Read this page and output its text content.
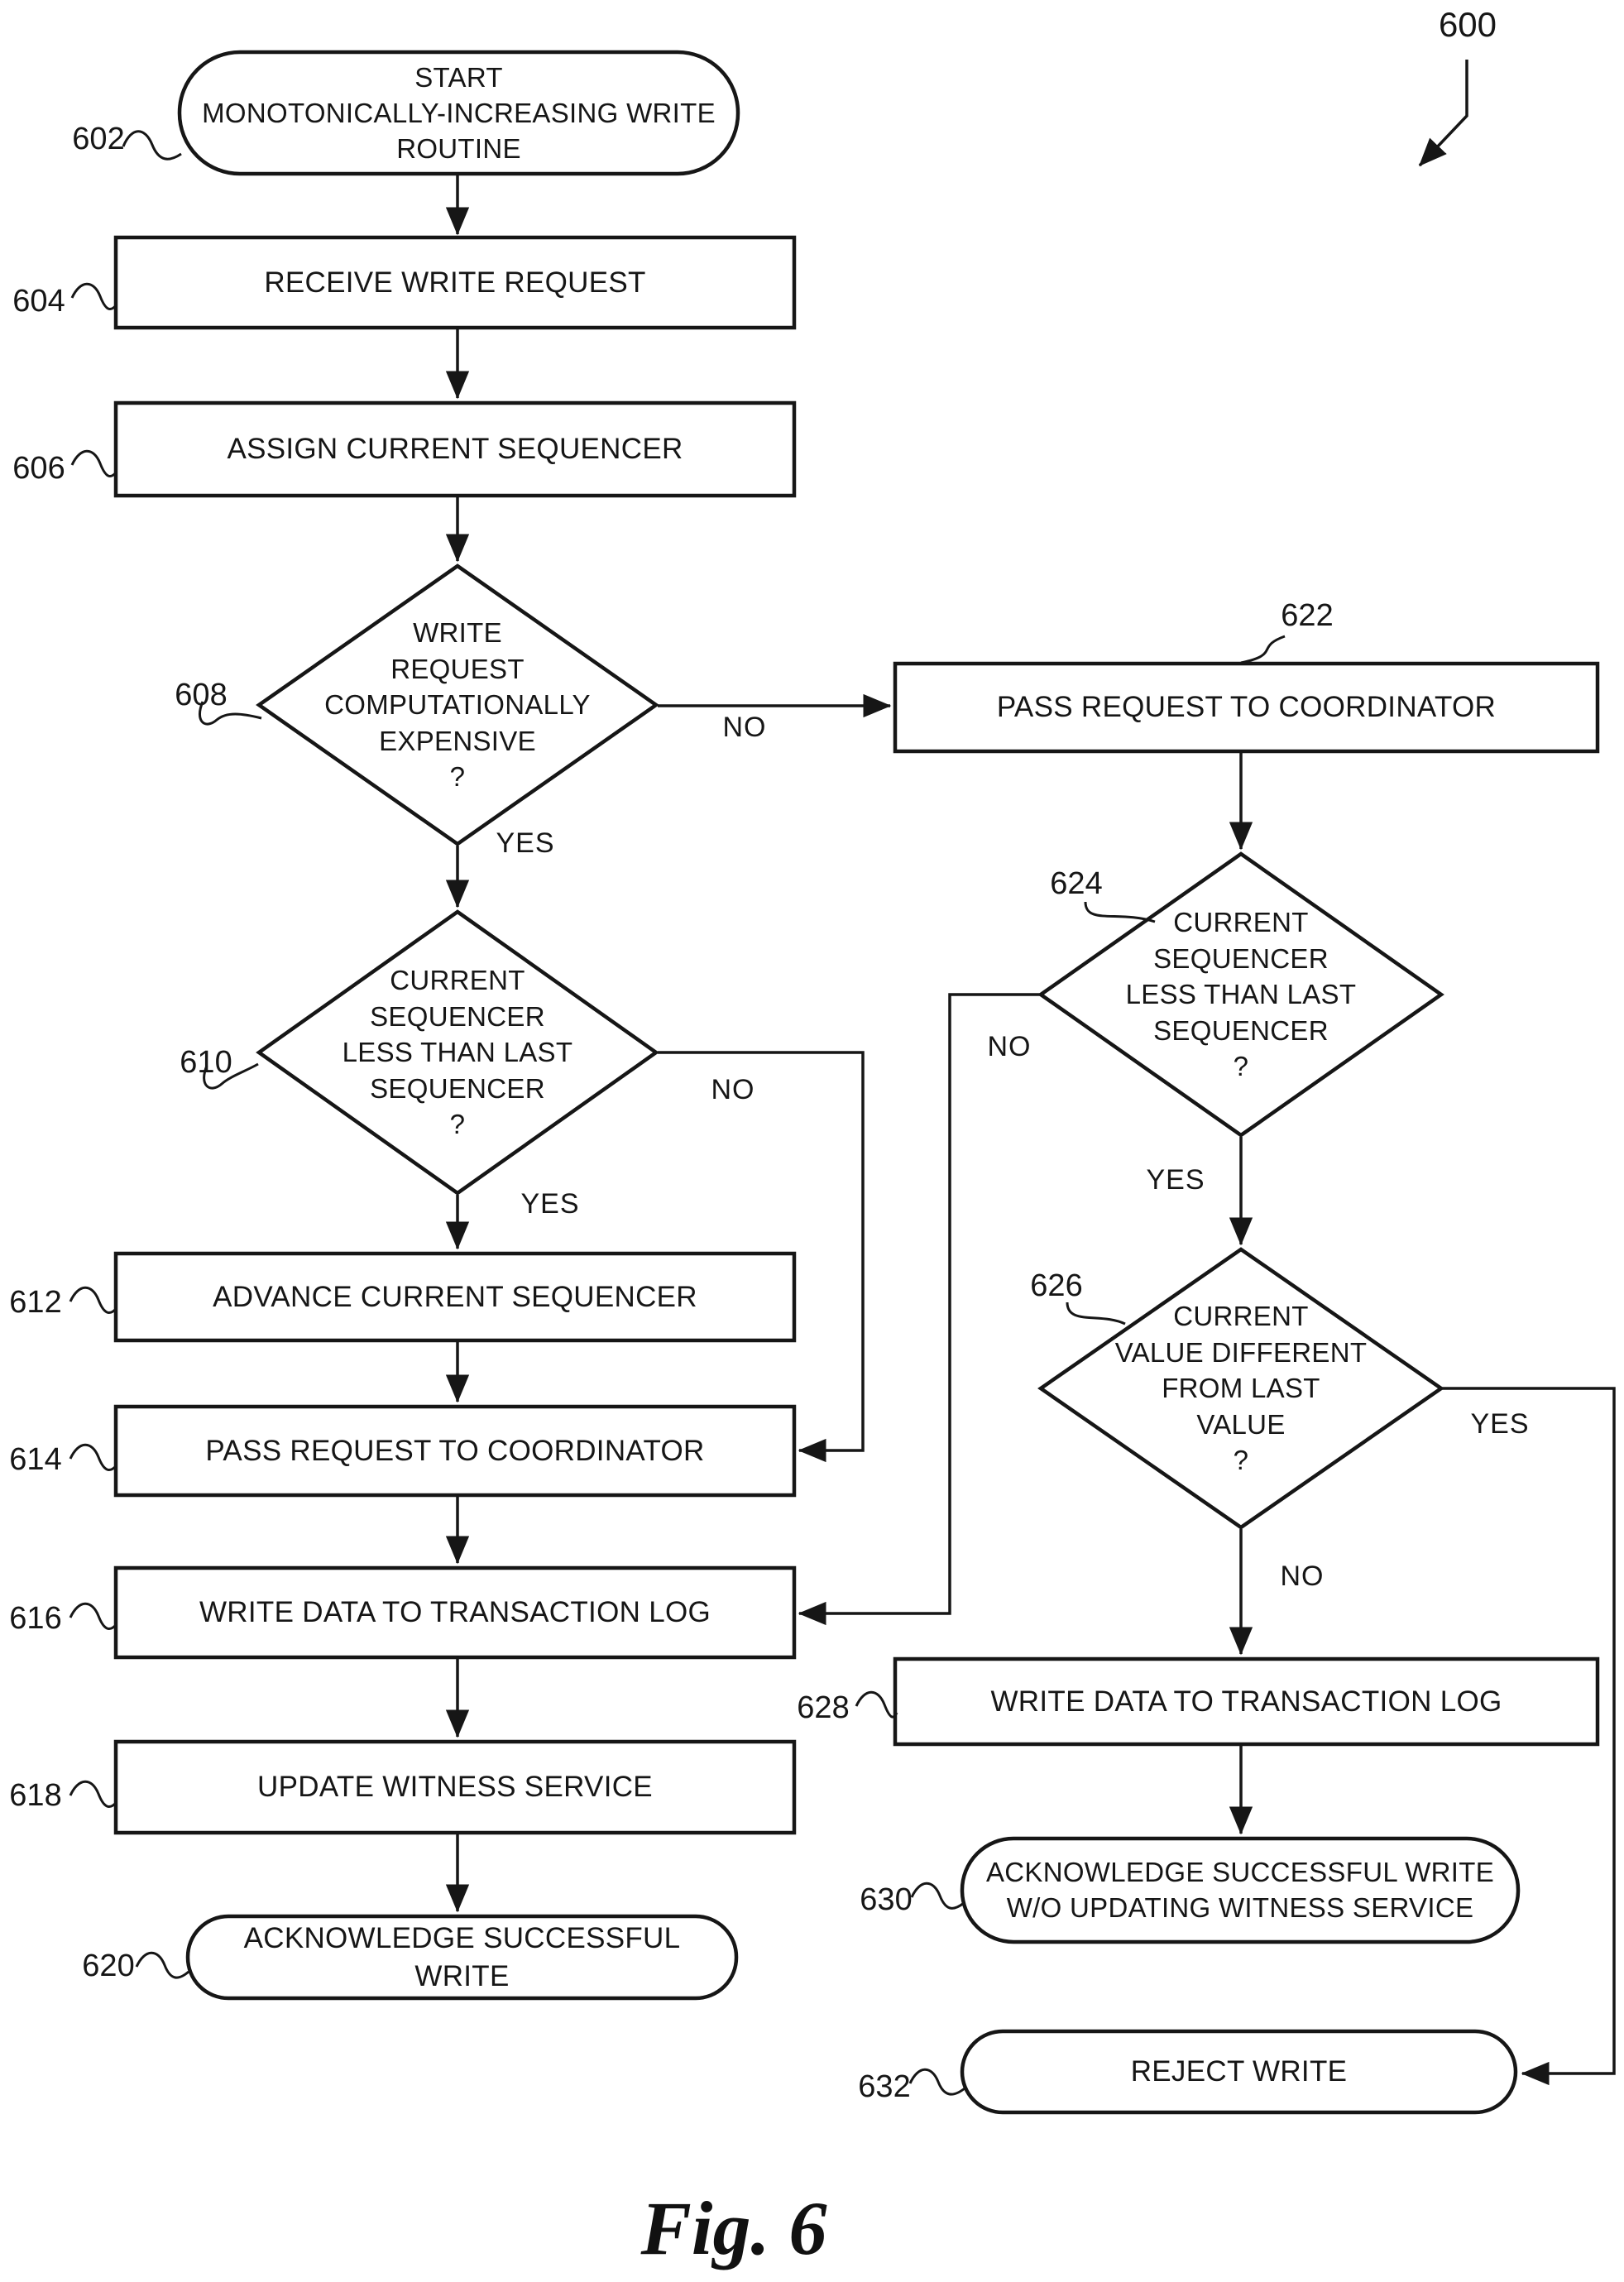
START
MONOTONICALLY-INCREASING WRITE
ROUTINE
RECEIVE WRITE REQUEST
ASSIGN CURRENT SEQUENCER
WRITE
REQUEST
COMPUTATIONALLY
EXPENSIVE
?
CURRENT
SEQUENCER
LESS THAN LAST
SEQUENCER
?
ADVANCE CURRENT SEQUENCER
PASS REQUEST TO COORDINATOR
WRITE DATA TO TRANSACTION LOG
UPDATE WITNESS SERVICE
ACKNOWLEDGE SUCCESSFUL WRITE
PASS REQUEST TO COORDINATOR
CURRENT
SEQUENCER
LESS THAN LAST
SEQUENCER
?
CURRENT
VALUE DIFFERENT
FROM LAST
VALUE
?
WRITE DATA TO TRANSACTION LOG
ACKNOWLEDGE SUCCESSFUL WRITE
W/O UPDATING WITNESS SERVICE
REJECT WRITE
600
602
604
606
608
610
612
614
616
618
620
622
624
626
628
630
632
NO
YES
NO
YES
NO
YES
YES
NO
Fig. 6
